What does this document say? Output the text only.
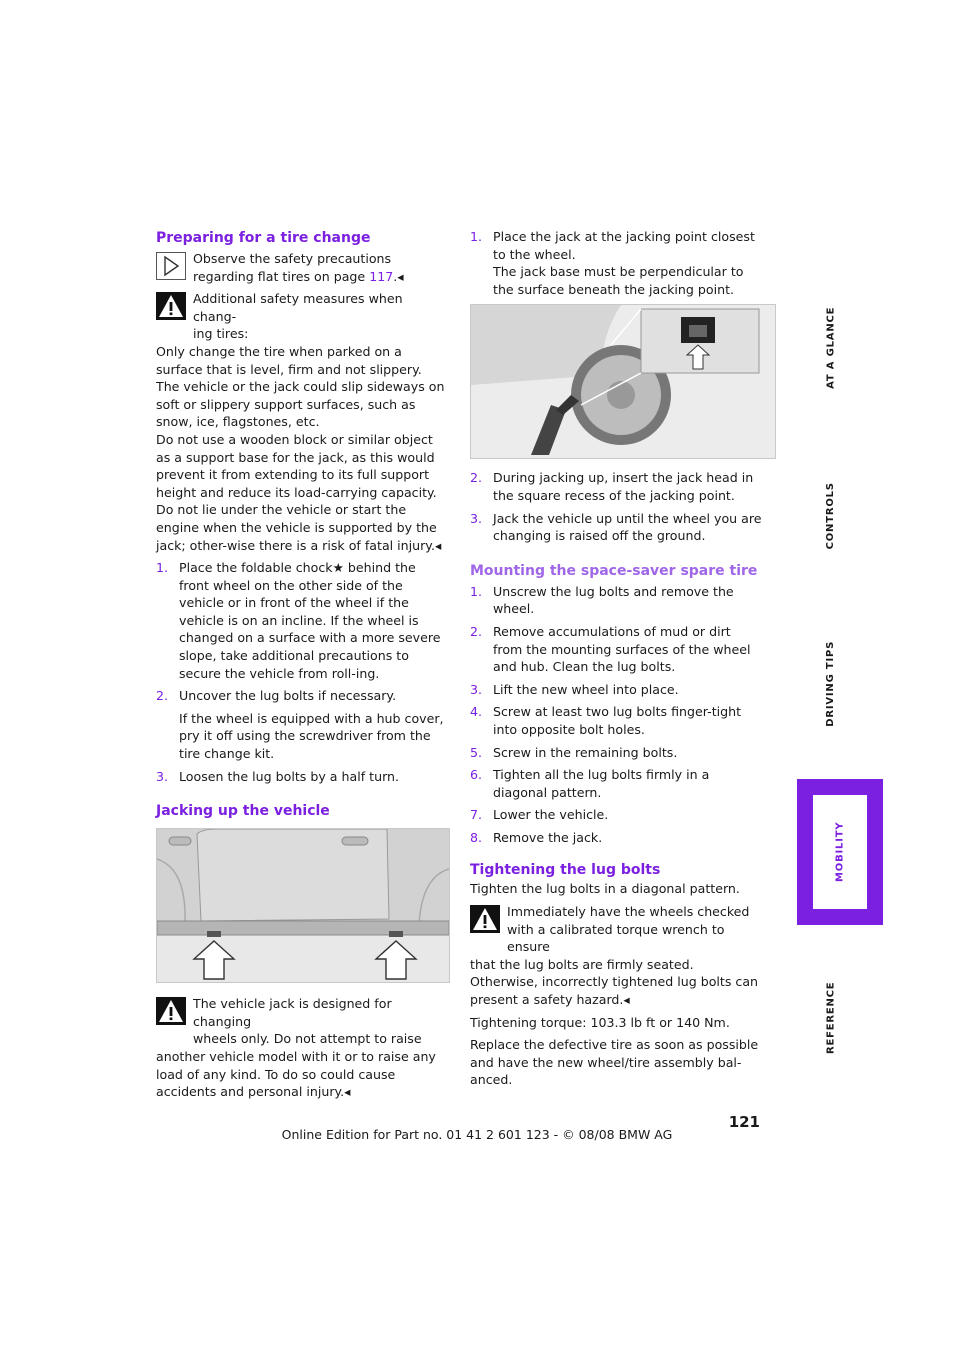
Preparing for a tire change

Observe the safety precautions regarding flat tires on page 117.◂

Additional safety measures when chang-

ing tires:

Only change the tire when parked on a surface that is level, firm and not slippery.

The vehicle or the jack could slip sideways on soft or slippery support surfaces, such as snow, ice, flagstones, etc.

Do not use a wooden block or similar object as a support base for the jack, as this would prevent it from extending to its full support height and reduce its load-carrying capacity.

Do not lie under the vehicle or start the engine when the vehicle is supported by the jack; other-wise there is a risk of fatal injury.◂

1. Place the foldable chock★ behind the front wheel on the other side of the vehicle or in front of the wheel if the vehicle is on an incline. If the wheel is changed on a surface with a more severe slope, take additional precautions to secure the vehicle from roll-ing.
2. Uncover the lug bolts if necessary.

If the wheel is equipped with a hub cover, pry it off using the screwdriver from the tire change kit.

3. Loosen the lug bolts by a half turn.
Jacking up the vehicle

The vehicle jack is designed for changing

wheels only. Do not attempt to raise

another vehicle model with it or to raise any load of any kind. To do so could cause accidents and personal injury.◂

1. Place the jack at the jacking point closest to the wheel.

The jack base must be perpendicular to the surface beneath the jacking point.

2. During jacking up, insert the jack head in the square recess of the jacking point.
3. Jack the vehicle up until the wheel you are changing is raised off the ground.
Mounting the space-saver spare tire
1. Unscrew the lug bolts and remove the wheel.
2. Remove accumulations of mud or dirt from the mounting surfaces of the wheel and hub. Clean the lug bolts.
3. Lift the new wheel into place.
4. Screw at least two lug bolts finger-tight into opposite bolt holes.
5. Screw in the remaining bolts.
6. Tighten all the lug bolts firmly in a diagonal pattern.
7. Lower the vehicle.
8. Remove the jack.
Tightening the lug bolts

Tighten the lug bolts in a diagonal pattern.

Immediately have the wheels checked

with a calibrated torque wrench to ensure

that the lug bolts are firmly seated. Otherwise, incorrectly tightened lug bolts can present a safety hazard.◂

Tightening torque: 103.3 lb ft or 140 Nm.

Replace the defective tire as soon as possible and have the new wheel/tire assembly bal-anced.

AT A GLANCE
CONTROLS
DRIVING TIPS
MOBILITY
REFERENCE
121
Online Edition for Part no. 01 41 2 601 123 - © 08/08 BMW AG
